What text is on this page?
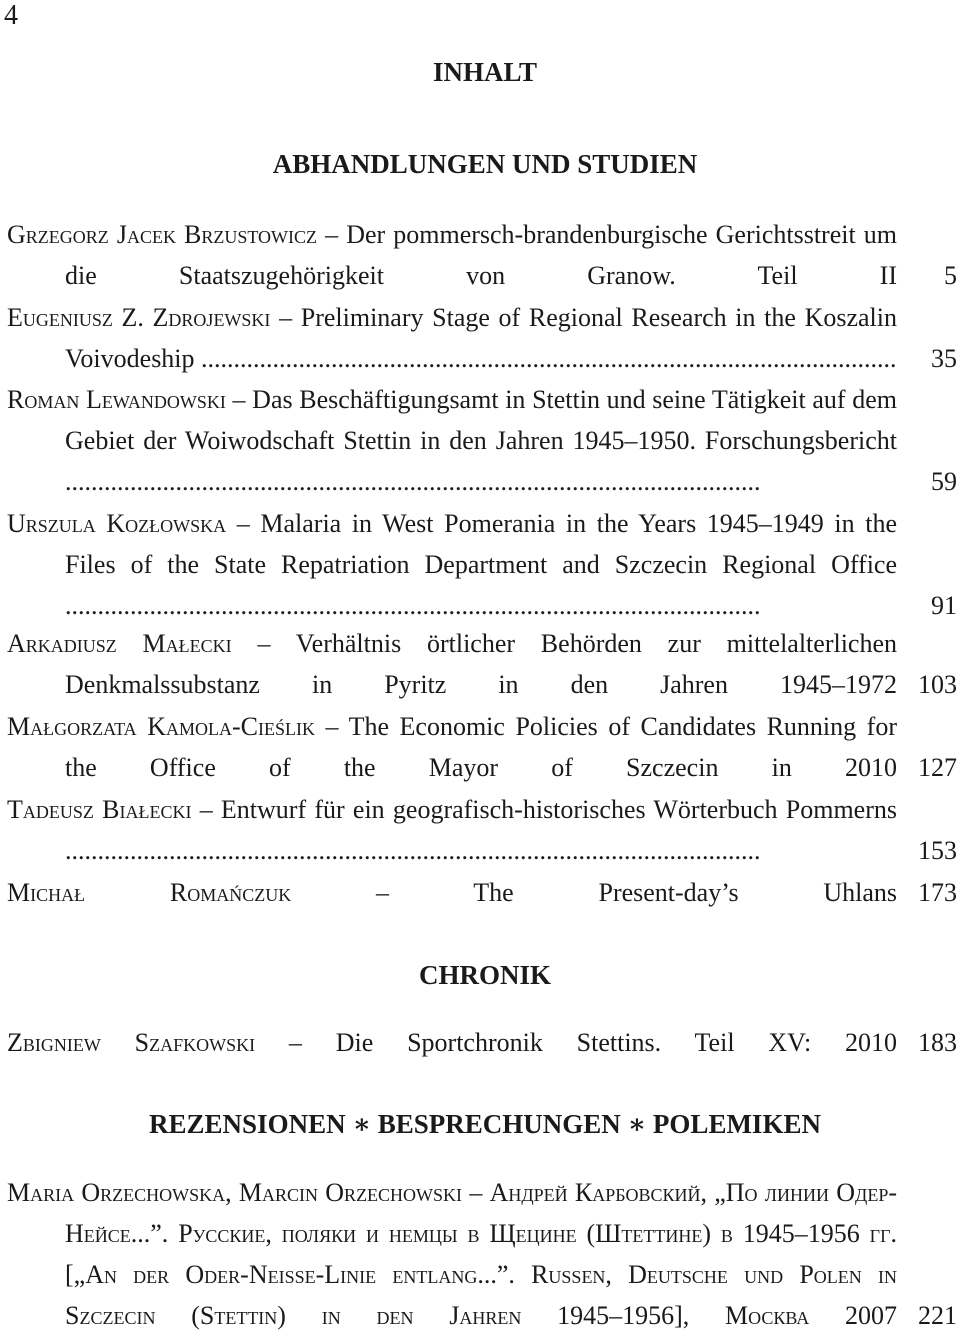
4
INHALT
Grzegorz Jacek Brzustowicz – Der pommersch-brandenburgische Gerichtsstreit um die Staatszugehörigkeit von Granow. Teil II	5
Eugeniusz Z. Zdrojewski – Preliminary Stage of Regional Research in the Koszalin Voivodeship ...........................................................................................................	35
Roman Lewandowski – Das Beschäftigungsamt in Stettin und seine Tätigkeit auf dem Gebiet der Woiwodschaft Stettin in den Jahren 1945–1950. Forschungsbericht ...........................................................................................................	59
Urszula Kozłowska – Malaria in West Pomerania in the Years 1945–1949 in the Files of the State Repatriation Department and Szczecin Regional Office ...........................................................................................................	91
Arkadiusz Małecki – Verhältnis örtlicher Behörden zur mittelalterlichen Denkmalssubstanz in Pyritz in den Jahren 1945–1972 103
Małgorzata Kamola-Cieślik – The Economic Policies of Candidates Running for the Office of the Mayor of Szczecin in 2010 127
Tadeusz Białecki – Entwurf für ein geografisch-historisches Wörterbuch Pommerns ...........................................................................................................	153
Michał Romańczuk – The Present-day’s Uhlans 173
Zbigniew Szafkowski – Die Sportchronik Stettins. Teil XV: 2010 183
Maria Orzechowska, Marcin Orzechowski – Андрей Карбовский, „По линии Одер-Нейсе...”. Русские, поляки и немцы в Щецине (Штеттине) в 1945–1956 гг. [„An der Oder-Neisse-Linie entlang...”. Russen, Deutsche und Polen in Szczecin (Stettin) in den Jahren 1945–1956], Москва 2007 221
ABHANDLUNGEN UND STUDIEN
CHRONIK
REZENSIONEN ∗ BESPRECHUNGEN ∗ POLEMIKEN
